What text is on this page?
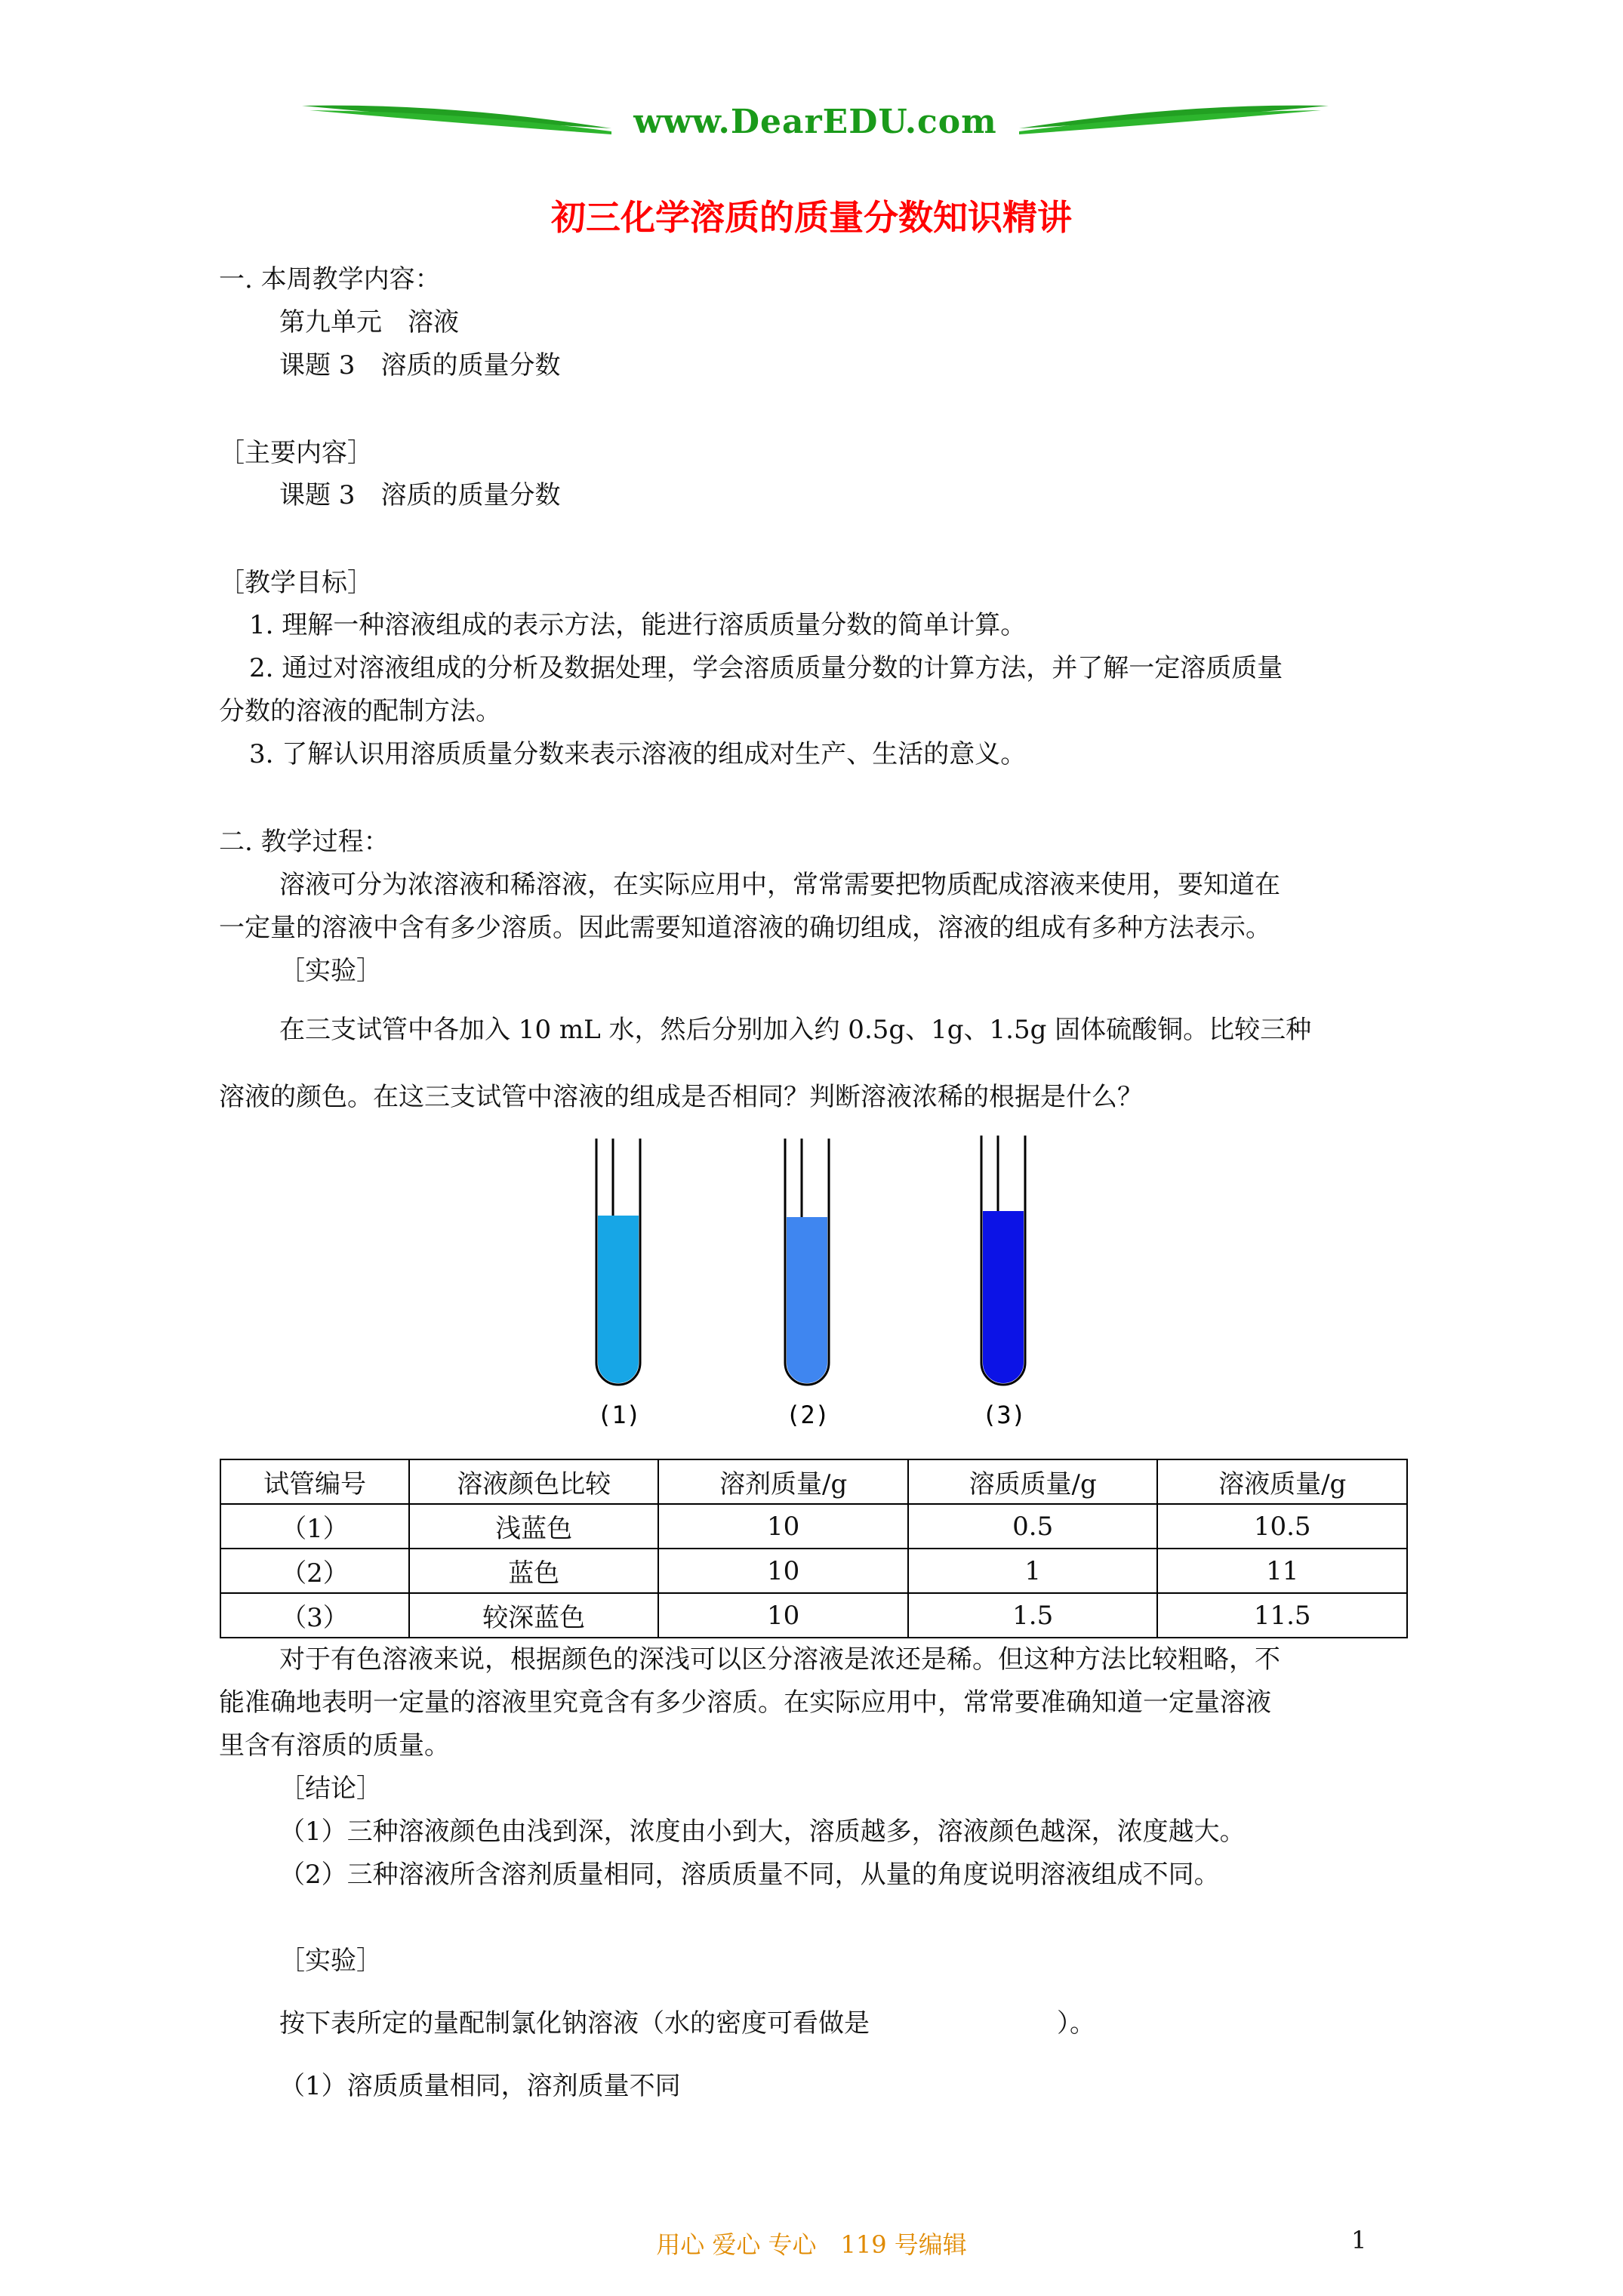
www.DearEDU.com
初三化学溶质的质量分数知识精讲
一. 本周教学内容：
第九单元　溶液
课题 3　溶质的质量分数
［主要内容］
课题 3　溶质的质量分数
［教学目标］
1. 理解一种溶液组成的表示方法，能进行溶质质量分数的简单计算。
2. 通过对溶液组成的分析及数据处理，学会溶质质量分数的计算方法，并了解一定溶质质量
分数的溶液的配制方法。
3. 了解认识用溶质质量分数来表示溶液的组成对生产、生活的意义。
二. 教学过程：
溶液可分为浓溶液和稀溶液，在实际应用中，常常需要把物质配成溶液来使用，要知道在
一定量的溶液中含有多少溶质。因此需要知道溶液的确切组成，溶液的组成有多种方法表示。
［实验］
在三支试管中各加入 10 mL 水，然后分别加入约 0.5g、1g、1.5g 固体硫酸铜。比较三种
溶液的颜色。在这三支试管中溶液的组成是否相同？判断溶液浓稀的根据是什么？
(1)	(2)	(3)
试管编号	溶液颜色比较	溶剂质量/g	溶质质量/g	溶液质量/g
（1）	浅蓝色	10	0.5	10.5
（2）	蓝色	10	1	11
（3）	较深蓝色	10	1.5	11.5
对于有色溶液来说，根据颜色的深浅可以区分溶液是浓还是稀。但这种方法比较粗略，不
能准确地表明一定量的溶液里究竟含有多少溶质。在实际应用中，常常要准确知道一定量溶液
里含有溶质的质量。
［结论］
（1）三种溶液颜色由浅到深，浓度由小到大，溶质越多，溶液颜色越深，浓度越大。
（2）三种溶液所含溶剂质量相同，溶质质量不同，从量的角度说明溶液组成不同。
［实验］
按下表所定的量配制氯化钠溶液（水的密度可看做是	）。
（1）溶质质量相同，溶剂质量不同
用心 爱心 专心　119 号编辑	1
